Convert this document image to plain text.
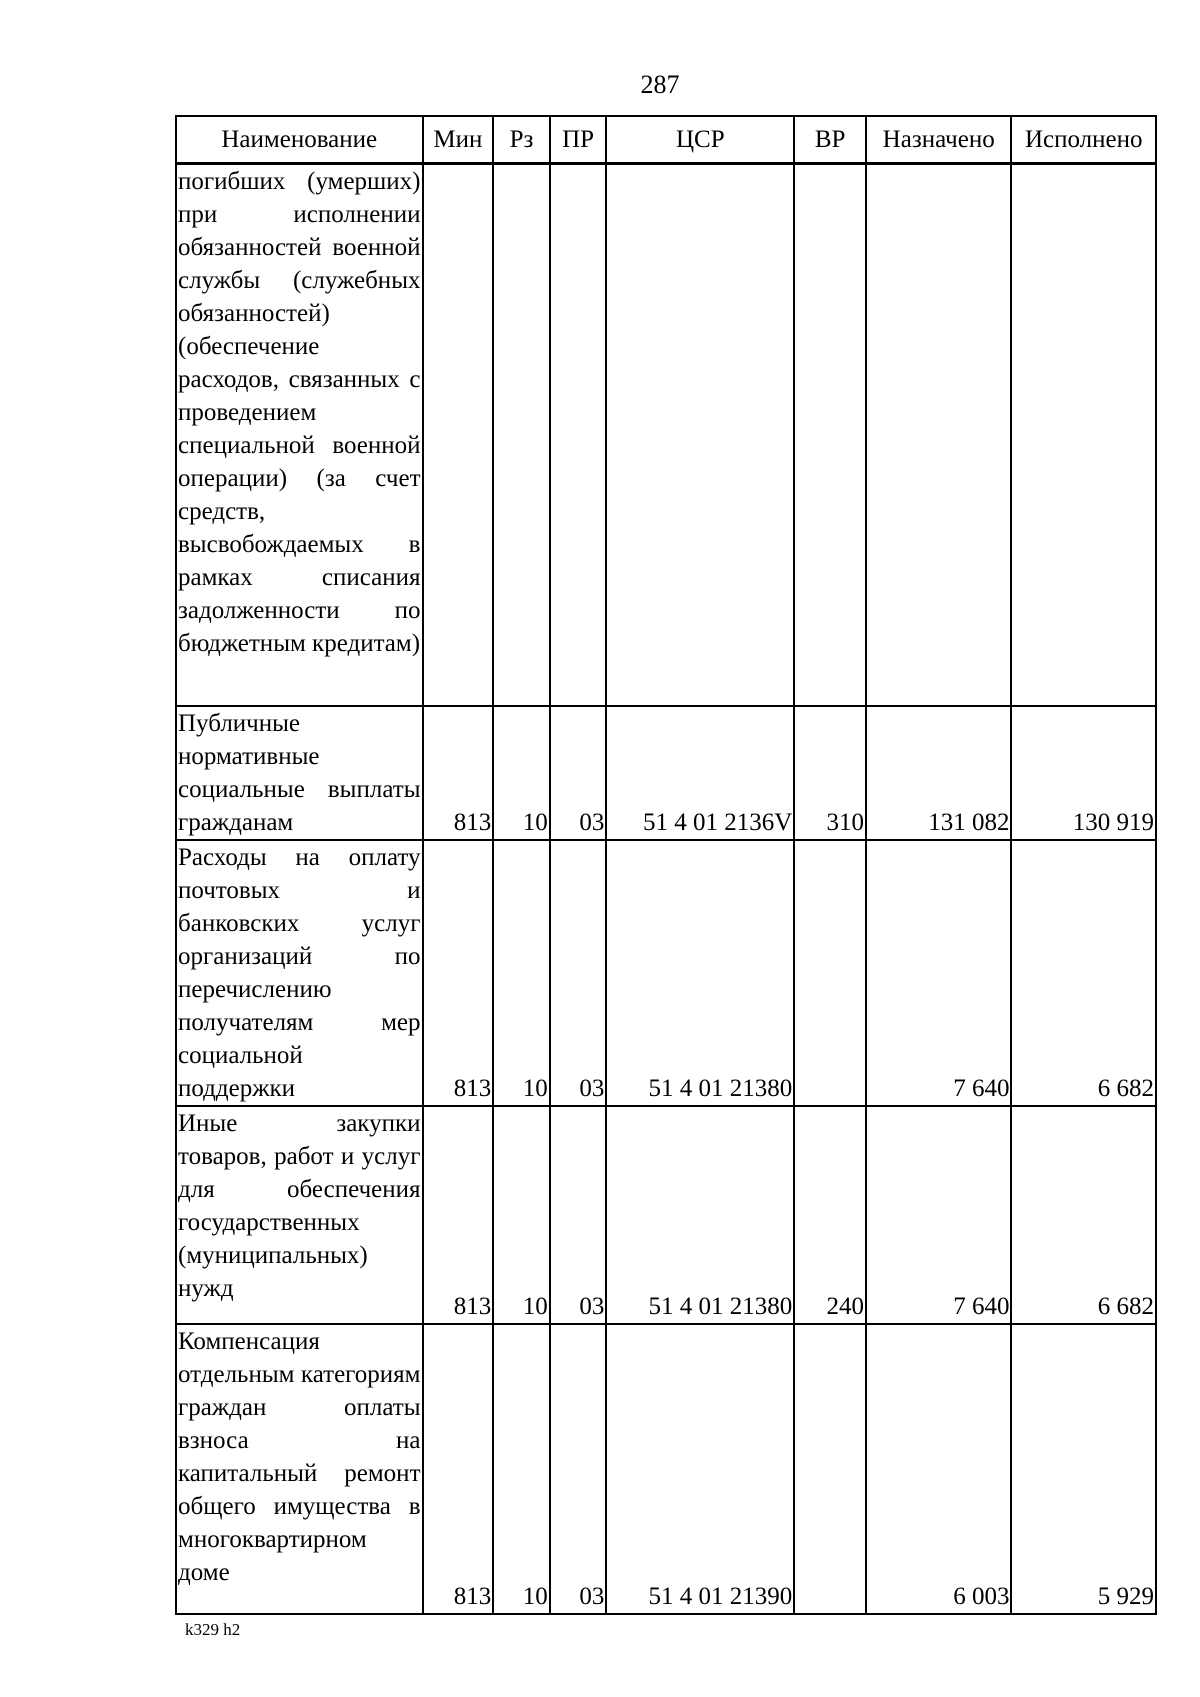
287
Наименование	Мин	Рз	ПР	ЦСР	ВР	Назначено	Исполнено
погибших (умерших) при исполнении обязанностей военной службы (служебных обязанностей) (обеспечение расходов, связанных с проведением специальной военной операции) (за счет средств, высвобождаемых в рамках списания задолженности по бюджетным кредитам)							
Публичные нормативные социальные выплаты гражданам	813	10	03	51 4 01 2136V	310	131 082	130 919
Расходы на оплату почтовых и банковских услуг организаций по перечислению получателям мер социальной поддержки	813	10	03	51 4 01 21380		7 640	6 682
Иные закупки товаров, работ и услуг для обеспечения государственных (муниципальных) нужд	813	10	03	51 4 01 21380	240	7 640	6 682
Компенсация отдельным категориям граждан оплаты взноса на капитальный ремонт общего имущества в многоквартирном доме	813	10	03	51 4 01 21390		6 003	5 929
k329 h2
